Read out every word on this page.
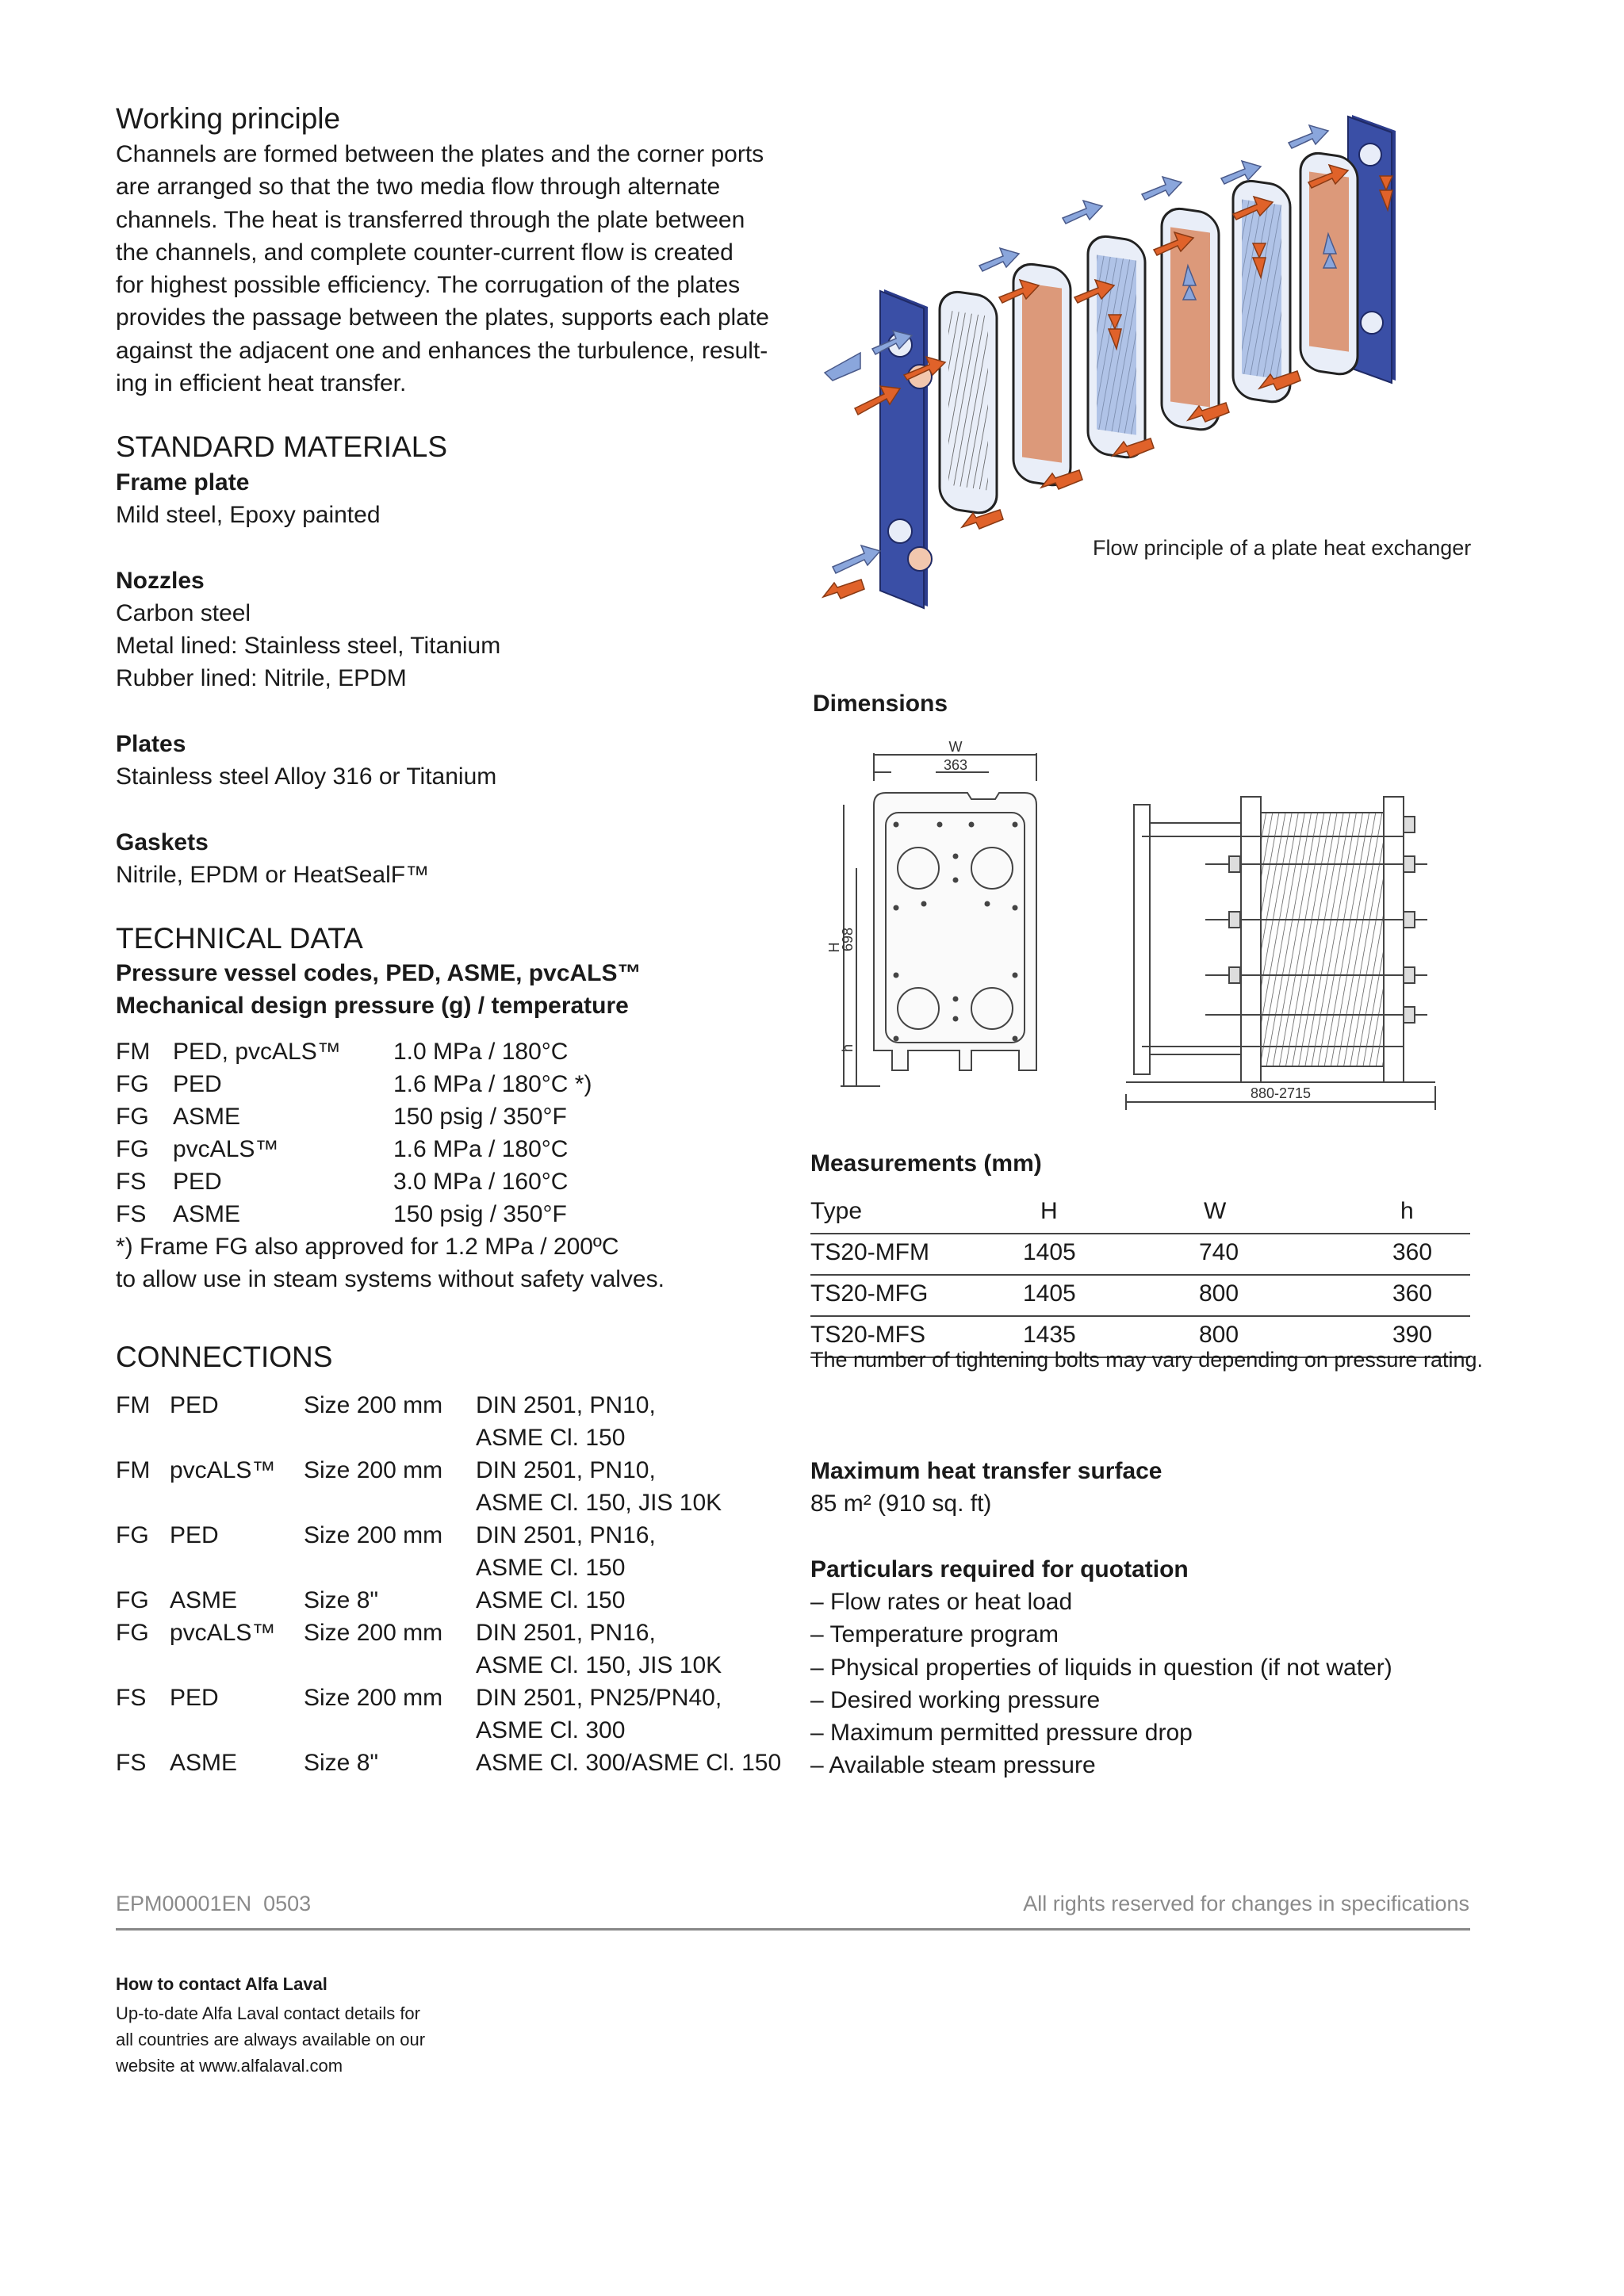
Working principle
Channels are formed between the plates and the corner ports
are arranged so that the two media flow through alternate
channels. The heat is transferred through the plate between
the channels, and complete counter-current flow is created
for highest possible efficiency. The corrugation of the plates
provides the passage between the plates, supports each plate
against the adjacent one and enhances the turbulence, result-
ing in efficient heat transfer.
STANDARD MATERIALS
Frame plate
Mild steel, Epoxy painted
Nozzles
Carbon steel
Metal lined: Stainless steel, Titanium
Rubber lined: Nitrile, EPDM
Plates
Stainless steel Alloy 316 or Titanium
Gaskets
Nitrile, EPDM or HeatSealF™
TECHNICAL DATA
Pressure vessel codes, PED, ASME, pvcALS™
Mechanical design pressure (g) / temperature
FM PED, pvcALS™ 1.0 MPa / 180°C
FG PED	1.6 MPa / 180°C *)
FG ASME	150 psig / 350°F
FG pvcALS™	1.6 MPa / 180°C
FS PED	3.0 MPa / 160°C
FS ASME	150 psig / 350°F
*) Frame FG also approved for 1.2 MPa / 200ºC
to allow use in steam systems without safety valves.
CONNECTIONS
FM PED	Size 200 mm DIN 2501, PN10,
ASME Cl. 150
FM pvcALS™ Size 200 mm DIN 2501, PN10,
ASME Cl. 150, JIS 10K
FG PED	Size 200 mm DIN 2501, PN16,
ASME Cl. 150
FG ASME	Size 8"	ASME Cl. 150
FG pvcALS™ Size 200 mm DIN 2501, PN16,
ASME Cl. 150, JIS 10K
FS PED	Size 200 mm DIN 2501, PN25/PN40,
ASME Cl. 300
FS ASME	Size 8"	ASME Cl. 300/ASME Cl. 150
Flow principle of a plate heat exchanger
Dimensions
W
363
H
698
h
880-2715
Measurements (mm)
Type	H	W	h
TS20-MFM	1405	740	360
TS20-MFG	1405	800	360
TS20-MFS	1435	800	390
The number of tightening bolts may vary depending on pressure rating.
Maximum heat transfer surface
85 m² (910 sq. ft)
Particulars required for quotation
– Flow rates or heat load
– Temperature program
– Physical properties of liquids in question (if not water)
– Desired working pressure
– Maximum permitted pressure drop
– Available steam pressure
EPM00001EN  0503	All rights reserved for changes in specifications
How to contact Alfa Laval
Up-to-date Alfa Laval contact details for
all countries are always available on our
website at www.alfalaval.com
